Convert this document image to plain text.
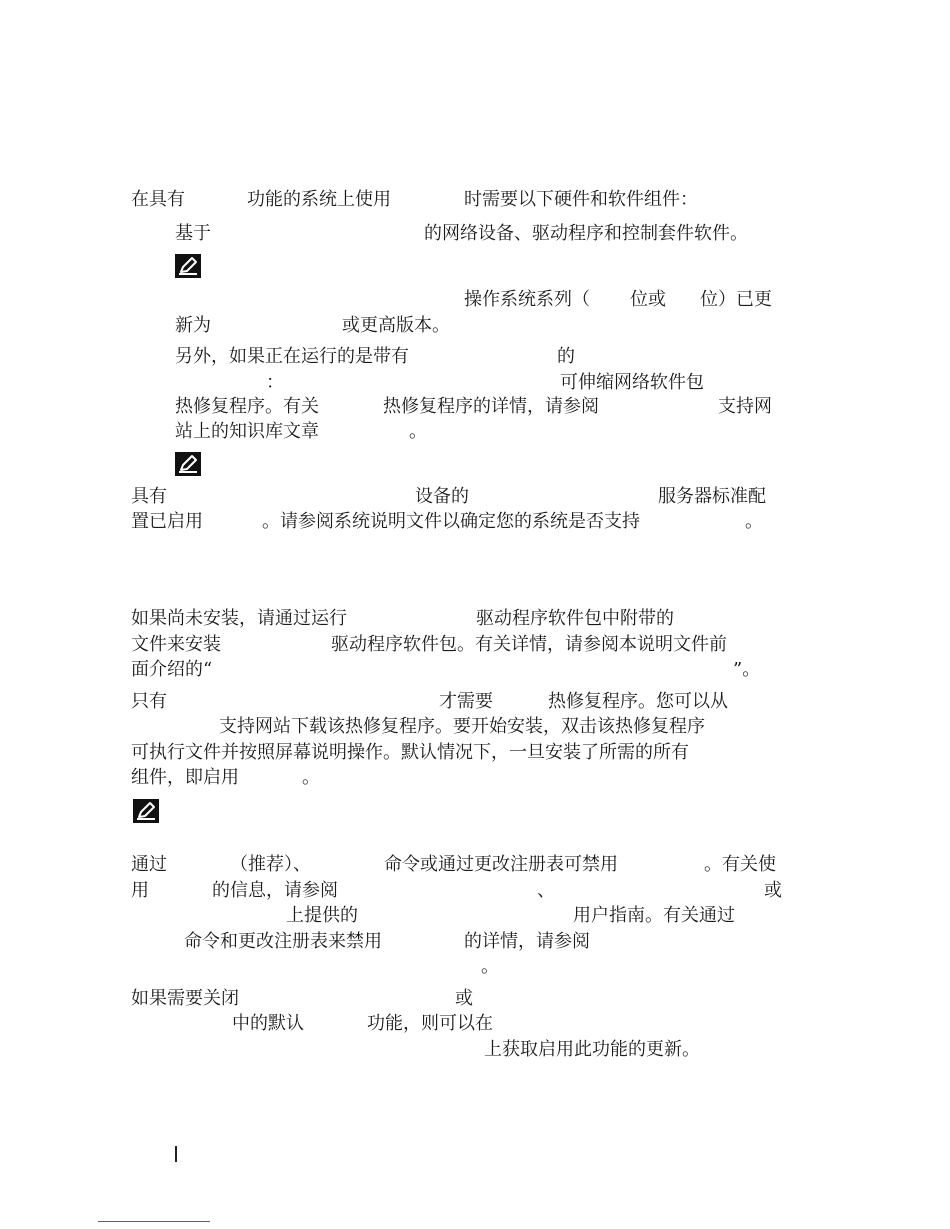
在具有	功能的系统上使用	时需要以下硬件和软件组件：
基于	的网络设备、驱动程序和控制套件软件。
操作系统系列（ 位或 位）已更
新为	或更高版本。
另外，如果正在运行的是带有	的
：	可伸缩网络软件包
热修复程序。有关	热修复程序的详情，请参阅	支持网
站上的知识库文章	。
具有	设备的	服务器标准配
置已启用	。请参阅系统说明文件以确定您的系统是否支持	。
如果尚未安装，请通过运行	驱动程序软件包中附带的
文件来安装	驱动程序软件包。有关详情，请参阅本说明文件前
面介绍的“	”。
只有	才需要	热修复程序。您可以从
支持网站下载该热修复程序。要开始安装，双击该热修复程序
可执行文件并按照屏幕说明操作。默认情况下，一旦安装了所需的所有
组件，即启用	。
通过	（推荐）、	命令或通过更改注册表可禁用	。有关使
用	的信息，请参阅	、	或
上提供的	用户指南。有关通过
命令和更改注册表来禁用	的详情，请参阅
。
如果需要关闭	或
中的默认	功能，则可以在
上获取启用此功能的更新。
